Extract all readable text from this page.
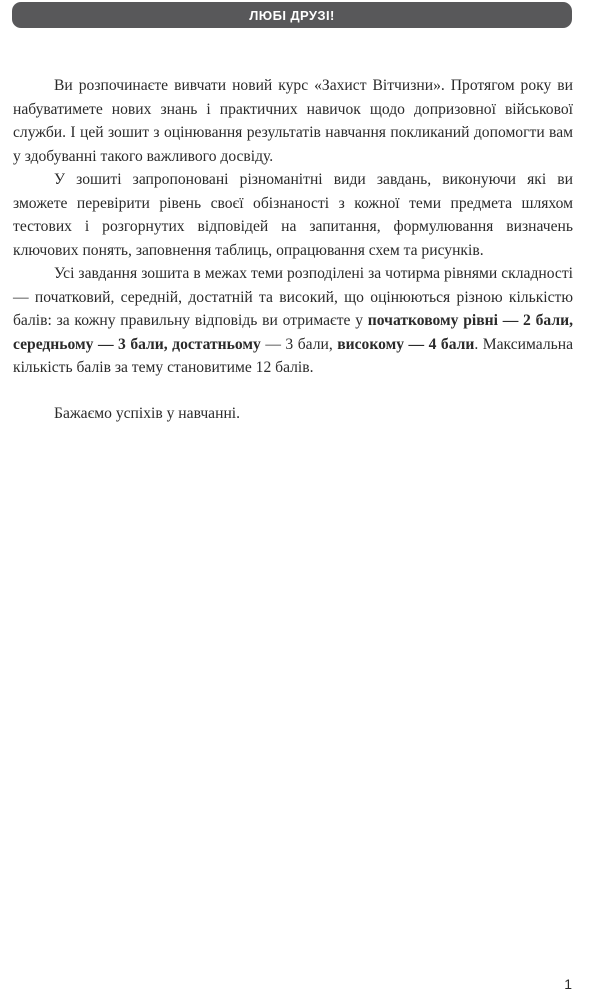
ЛЮБІ ДРУЗІ!

Ви розпочинаєте вивчати новий курс «Захист Вітчизни». Протягом року ви набуватимете нових знань і практичних навичок щодо допризовної військової служби. І цей зошит з оцінювання результатів навчання покликаний допомогти вам у здобуванні такого важливого досвіду.

У зошиті запропоновані різноманітні види завдань, виконуючи які ви зможете перевірити рівень своєї обізнаності з кожної теми предмета шляхом тестових і розгорнутих відповідей на запитання, формулювання визначень ключових понять, заповнення таблиць, опрацювання схем та рисунків.

Усі завдання зошита в межах теми розподілені за чотирма рівнями складності — початковий, середній, достатній та високий, що оцінюються різною кількістю балів: за кожну правильну відповідь ви отримаєте у початковому рівні — 2 бали, середньому — 3 бали, достатньому — 3 бали, високому — 4 бали. Максимальна кількість балів за тему становитиме 12 балів.

Бажаємо успіхів у навчанні.

1
